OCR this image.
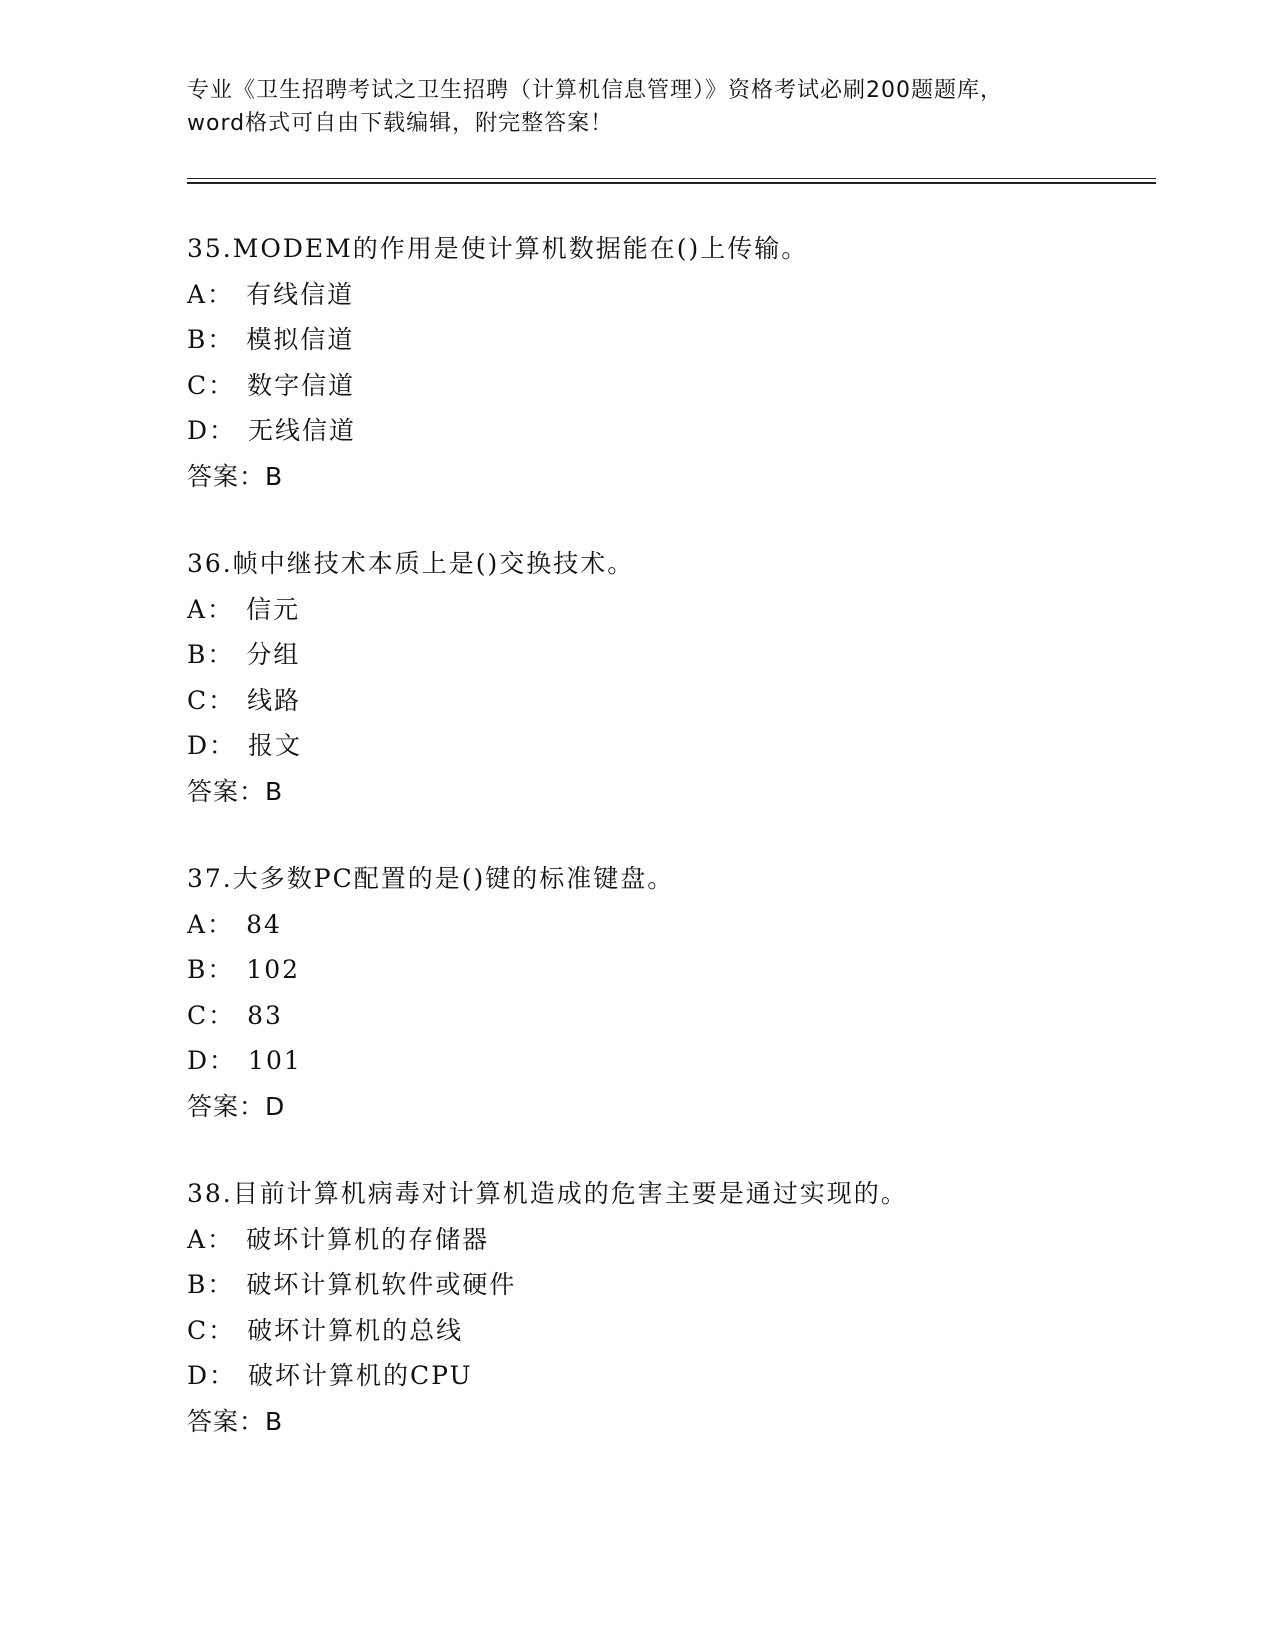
专业《卫生招聘考试之卫生招聘（计算机信息管理）》资格考试必刷200题题库，
word格式可自由下载编辑，附完整答案！
35.MODEM的作用是使计算机数据能在()上传输。
A： 有线信道
B： 模拟信道
C： 数字信道
D： 无线信道
答案：B
36.帧中继技术本质上是()交换技术。
A： 信元
B： 分组
C： 线路
D： 报文
答案：B
37.大多数PC配置的是()键的标准键盘。
A： 84
B： 102
C： 83
D： 101
答案：D
38.目前计算机病毒对计算机造成的危害主要是通过实现的。
A： 破坏计算机的存储器
B： 破坏计算机软件或硬件
C： 破坏计算机的总线
D： 破坏计算机的CPU
答案：B
